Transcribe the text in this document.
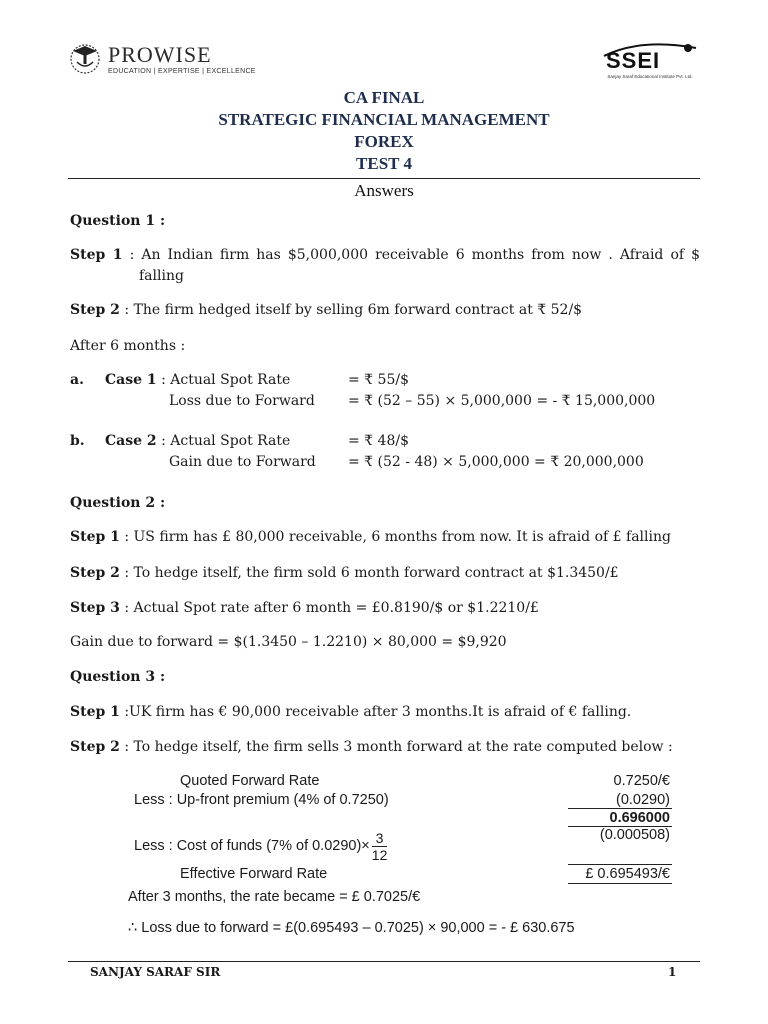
PROWISE
EDUCATION | EXPERTISE | EXCELLENCE	SSEI
Sanjay Saraf Educational Institute Pvt. Ltd.
CA FINAL
STRATEGIC FINANCIAL MANAGEMENT
FOREX
TEST 4
Answers
Question 1 :
Step 1 : An Indian firm has $5,000,000 receivable 6 months from now . Afraid of $
falling
Step 2 : The firm hedged itself by selling 6m forward contract at ₹ 52/$
After 6 months :
a. Case 1 : Actual Spot Rate	= ₹ 55/$
Loss due to Forward = ₹ (52 – 55) × 5,000,000 = - ₹ 15,000,000
b. Case 2 : Actual Spot Rate	= ₹ 48/$
Gain due to Forward = ₹ (52 - 48) × 5,000,000 = ₹ 20,000,000
Question 2 :
Step 1 : US firm has £ 80,000 receivable, 6 months from now. It is afraid of £ falling
Step 2 : To hedge itself, the firm sold 6 month forward contract at $1.3450/£
Step 3 : Actual Spot rate after 6 month = £0.8190/$ or $1.2210/£
Gain due to forward = $(1.3450 – 1.2210) × 80,000 = $9,920
Question 3 :
Step 1 :UK firm has € 90,000 receivable after 3 months.It is afraid of € falling.
Step 2 : To hedge itself, the firm sells 3 month forward at the rate computed below :
Quoted Forward Rate	0.7250/€
Less : Up-front premium (4% of 0.7250)	(0.0290)
0.696000
Less : Cost of funds
(7% of $0.0290)\times \frac{3}{12}$	(0.000508)
Effective Forward Rate	£ 0.695493/€
After 3 months, the rate became = £ 0.7025/€
∴ Loss due to forward = £(0.695493 – 0.7025) × 90,000 = - £ 630.675
SANJAY SARAF SIR	1
